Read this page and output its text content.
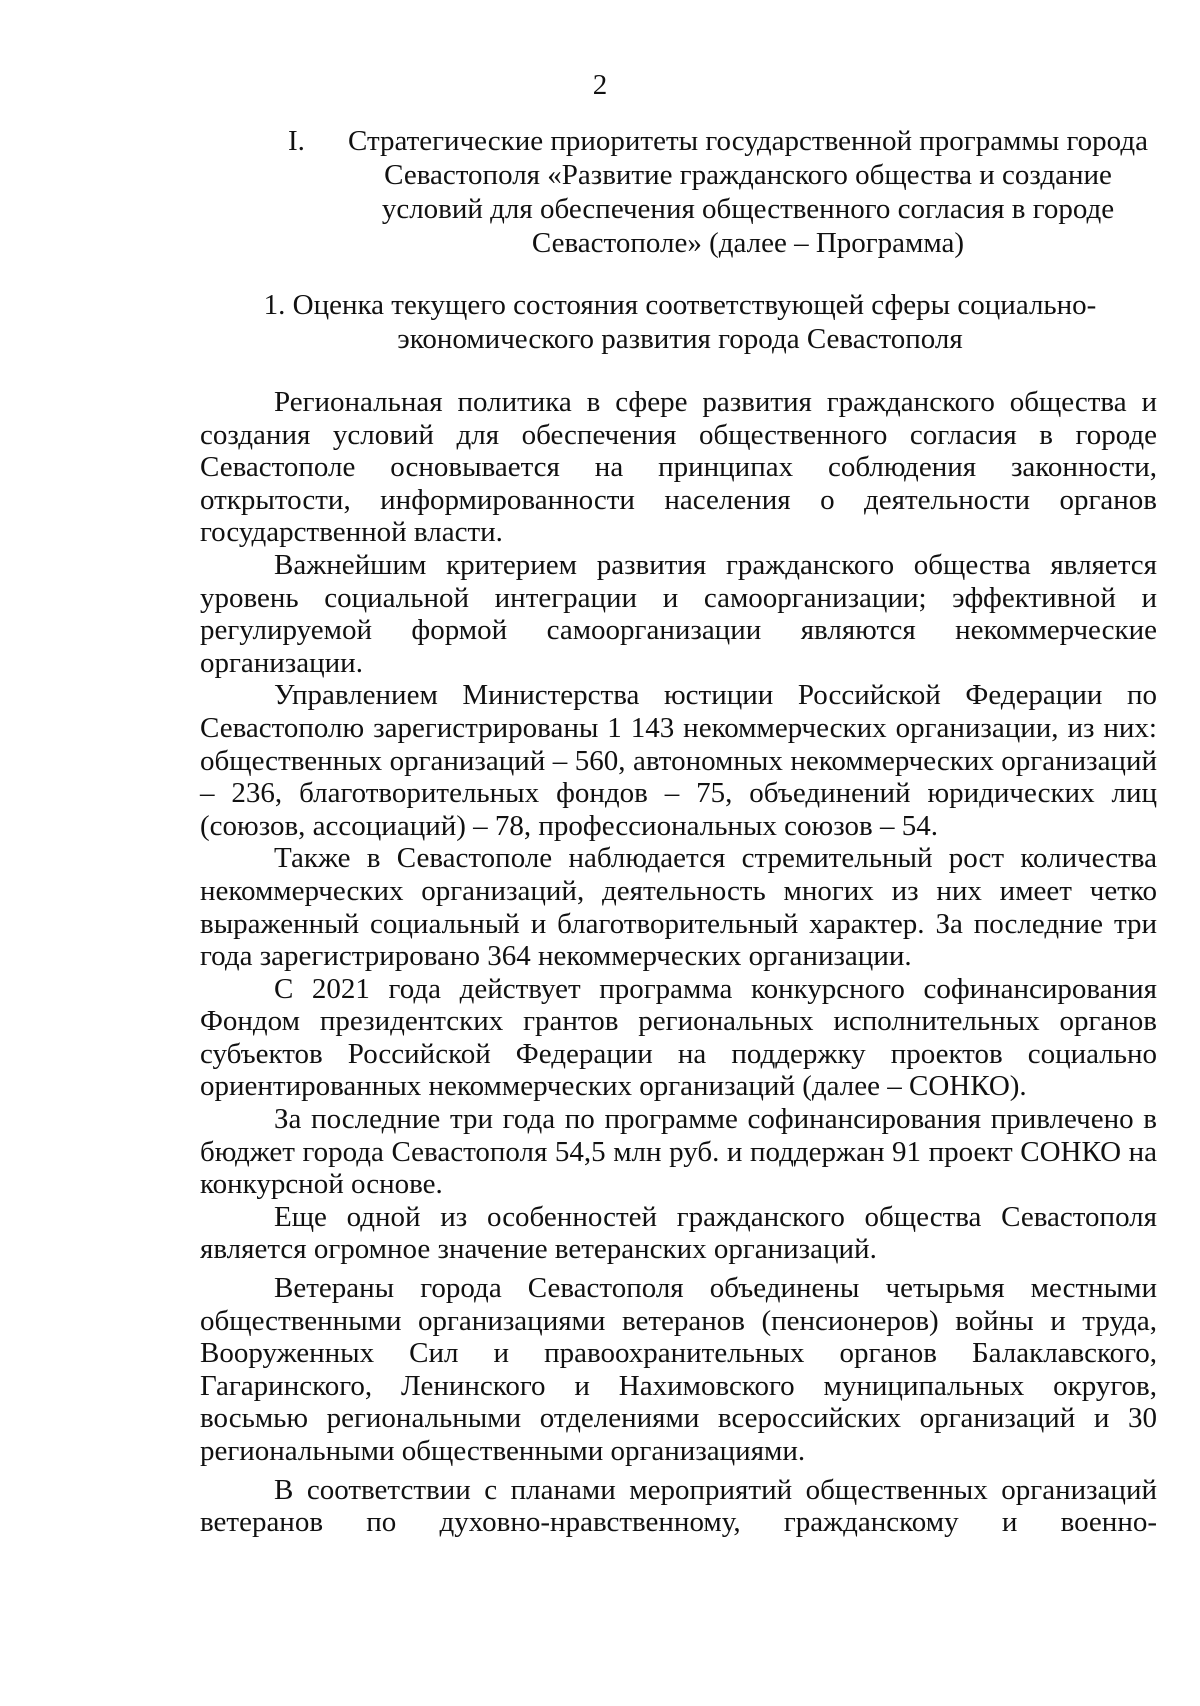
2
I. Стратегические приоритеты государственной программы города Севастополя «Развитие гражданского общества и создание условий для обеспечения общественного согласия в городе Севастополе» (далее – Программа)
1. Оценка текущего состояния соответствующей сферы социально-экономического развития города Севастополя

Региональная политика в сфере развития гражданского общества и создания условий для обеспечения общественного согласия в городе Севастополе основывается на принципах соблюдения законности, открытости, информированности населения о деятельности органов государственной власти.

Важнейшим критерием развития гражданского общества является уровень социальной интеграции и самоорганизации; эффективной и регулируемой формой самоорганизации являются некоммерческие организации.

Управлением Министерства юстиции Российской Федерации по Севастополю зарегистрированы 1 143 некоммерческих организации, из них: общественных организаций – 560, автономных некоммерческих организаций – 236, благотворительных фондов – 75, объединений юридических лиц (союзов, ассоциаций) – 78, профессиональных союзов – 54.

Также в Севастополе наблюдается стремительный рост количества некоммерческих организаций, деятельность многих из них имеет четко выраженный социальный и благотворительный характер. За последние три года зарегистрировано 364 некоммерческих организации.

С 2021 года действует программа конкурсного софинансирования Фондом президентских грантов региональных исполнительных органов субъектов Российской Федерации на поддержку проектов социально ориентированных некоммерческих организаций (далее – СОНКО).

За последние три года по программе софинансирования привлечено в бюджет города Севастополя 54,5 млн руб. и поддержан 91 проект СОНКО на конкурсной основе.

Еще одной из особенностей гражданского общества Севастополя является огромное значение ветеранских организаций.

Ветераны города Севастополя объединены четырьмя местными общественными организациями ветеранов (пенсионеров) войны и труда, Вооруженных Сил и правоохранительных органов Балаклавского, Гагаринского, Ленинского и Нахимовского муниципальных округов, восьмью региональными отделениями всероссийских организаций и 30 региональными общественными организациями.

В соответствии с планами мероприятий общественных организаций ветеранов по духовно-нравственному, гражданскому и военно-
